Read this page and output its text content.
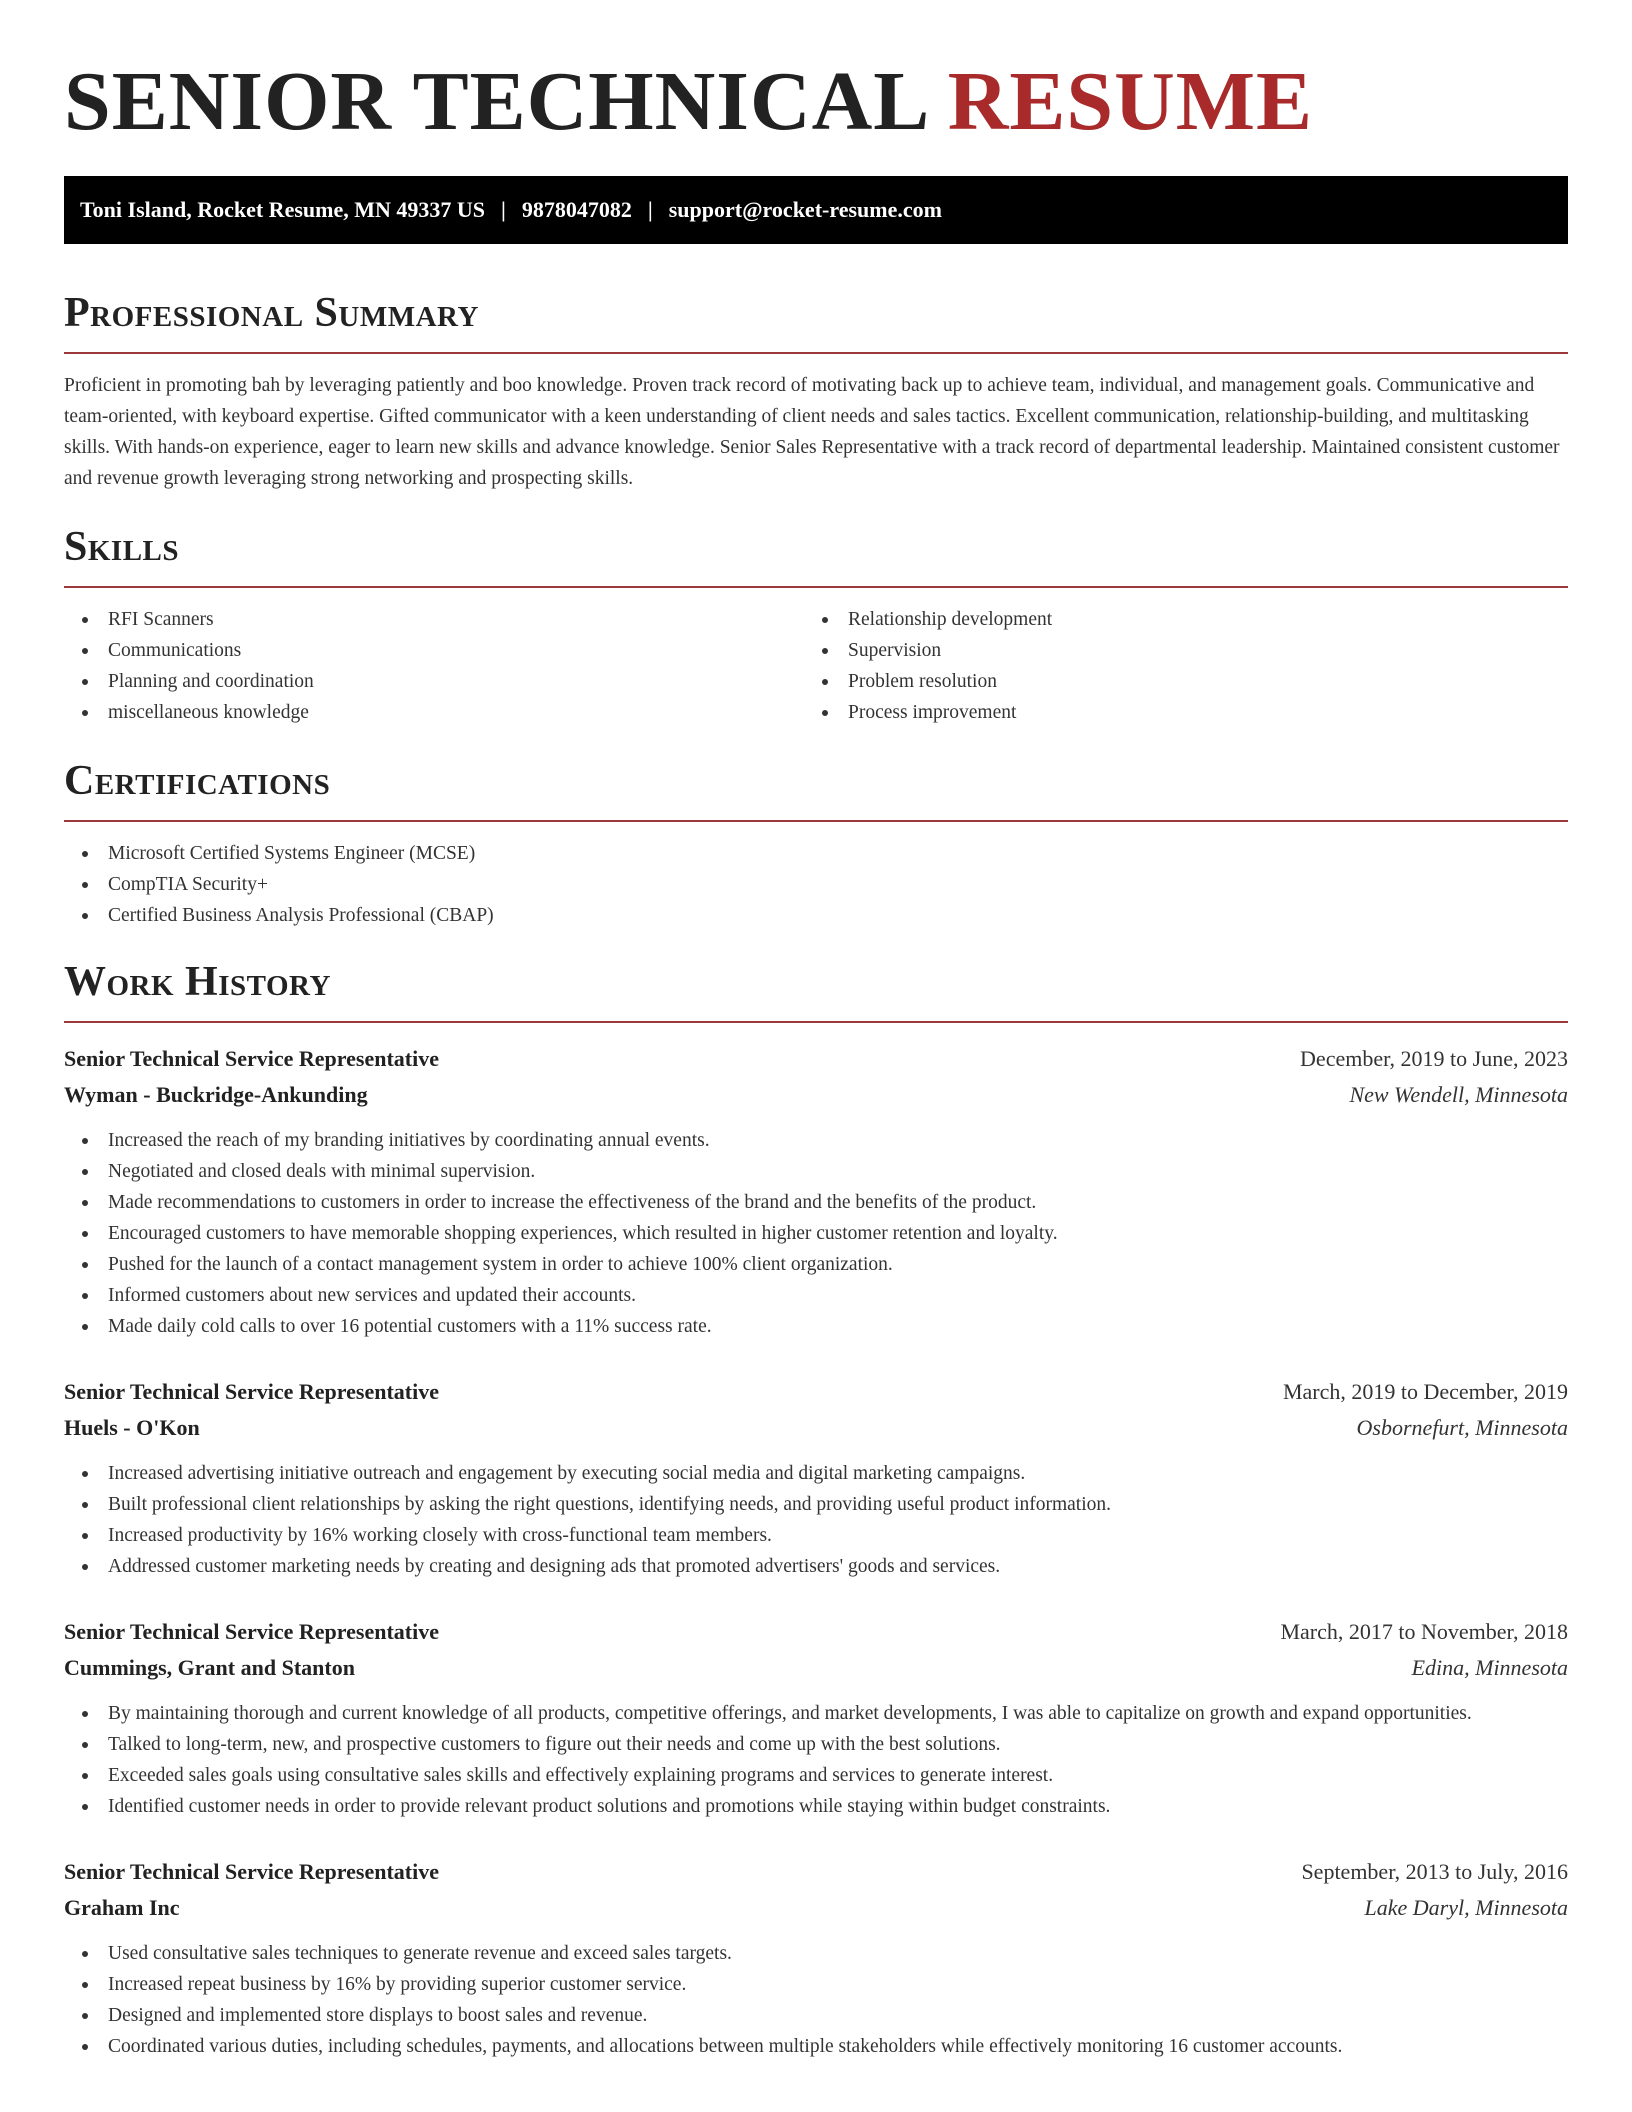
SENIOR TECHNICAL RESUME
Toni Island, Rocket Resume, MN 49337 US | 9878047082 | support@rocket-resume.com
Professional Summary

Proficient in promoting bah by leveraging patiently and boo knowledge. Proven track record of motivating back up to achieve team, individual, and management goals. Communicative and team-oriented, with keyboard expertise. Gifted communicator with a keen understanding of client needs and sales tactics. Excellent communication, relationship-building, and multitasking skills. With hands-on experience, eager to learn new skills and advance knowledge. Senior Sales Representative with a track record of departmental leadership. Maintained consistent customer and revenue growth leveraging strong networking and prospecting skills.

Skills
RFI Scanners
Communications
Planning and coordination
miscellaneous knowledge
Relationship development
Supervision
Problem resolution
Process improvement
Certifications
Microsoft Certified Systems Engineer (MCSE)
CompTIA Security+
Certified Business Analysis Professional (CBAP)
Work History
Senior Technical Service Representative	December, 2019 to June, 2023
Wyman - Buckridge-Ankunding	New Wendell, Minnesota
Increased the reach of my branding initiatives by coordinating annual events.
Negotiated and closed deals with minimal supervision.
Made recommendations to customers in order to increase the effectiveness of the brand and the benefits of the product.
Encouraged customers to have memorable shopping experiences, which resulted in higher customer retention and loyalty.
Pushed for the launch of a contact management system in order to achieve 100% client organization.
Informed customers about new services and updated their accounts.
Made daily cold calls to over 16 potential customers with a 11% success rate.
Senior Technical Service Representative	March, 2019 to December, 2019
Huels - O'Kon	Osbornefurt, Minnesota
Increased advertising initiative outreach and engagement by executing social media and digital marketing campaigns.
Built professional client relationships by asking the right questions, identifying needs, and providing useful product information.
Increased productivity by 16% working closely with cross-functional team members.
Addressed customer marketing needs by creating and designing ads that promoted advertisers' goods and services.
Senior Technical Service Representative	March, 2017 to November, 2018
Cummings, Grant and Stanton	Edina, Minnesota
By maintaining thorough and current knowledge of all products, competitive offerings, and market developments, I was able to capitalize on growth and expand opportunities.
Talked to long-term, new, and prospective customers to figure out their needs and come up with the best solutions.
Exceeded sales goals using consultative sales skills and effectively explaining programs and services to generate interest.
Identified customer needs in order to provide relevant product solutions and promotions while staying within budget constraints.
Senior Technical Service Representative	September, 2013 to July, 2016
Graham Inc	Lake Daryl, Minnesota
Used consultative sales techniques to generate revenue and exceed sales targets.
Increased repeat business by 16% by providing superior customer service.
Designed and implemented store displays to boost sales and revenue.
Coordinated various duties, including schedules, payments, and allocations between multiple stakeholders while effectively monitoring 16 customer accounts.
